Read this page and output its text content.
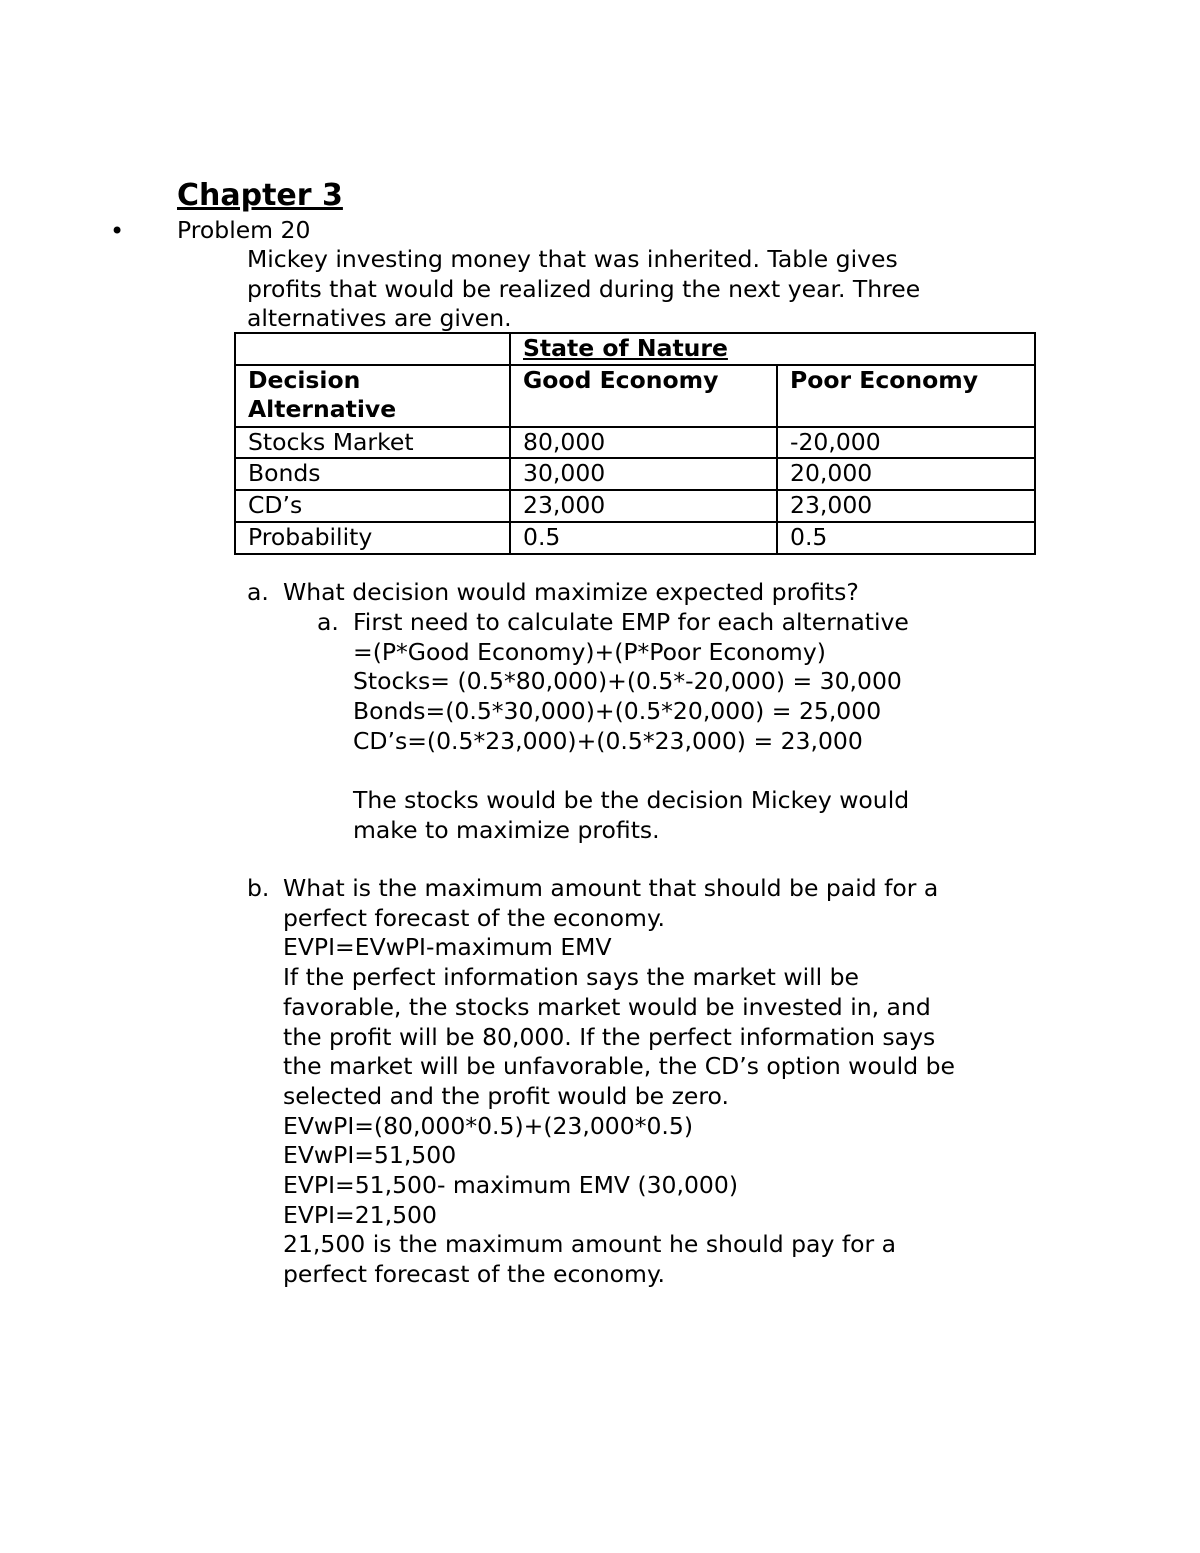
Chapter 3
• Problem 20
Mickey investing money that was inherited. Table gives
profits that would be realized during the next year. Three
alternatives are given.
	State of Nature	

Decision
Alternative	Good Economy	Poor Economy
Stocks Market	80,000	-20,000
Bonds	30,000	20,000
CD’s	23,000	23,000
Probability	0.5	0.5
a. What decision would maximize expected profits?
a. First need to calculate EMP for each alternative
=(P*Good Economy)+(P*Poor Economy)
Stocks= (0.5*80,000)+(0.5*-20,000) = 30,000
Bonds=(0.5*30,000)+(0.5*20,000) = 25,000
CD’s=(0.5*23,000)+(0.5*23,000) = 23,000
The stocks would be the decision Mickey would
make to maximize profits.
b. What is the maximum amount that should be paid for a
perfect forecast of the economy.
EVPI=EVwPI-maximum EMV
If the perfect information says the market will be
favorable, the stocks market would be invested in, and
the profit will be 80,000. If the perfect information says
the market will be unfavorable, the CD’s option would be
selected and the profit would be zero.
EVwPI=(80,000*0.5)+(23,000*0.5)
EVwPI=51,500
EVPI=51,500- maximum EMV (30,000)
EVPI=21,500
21,500 is the maximum amount he should pay for a
perfect forecast of the economy.
